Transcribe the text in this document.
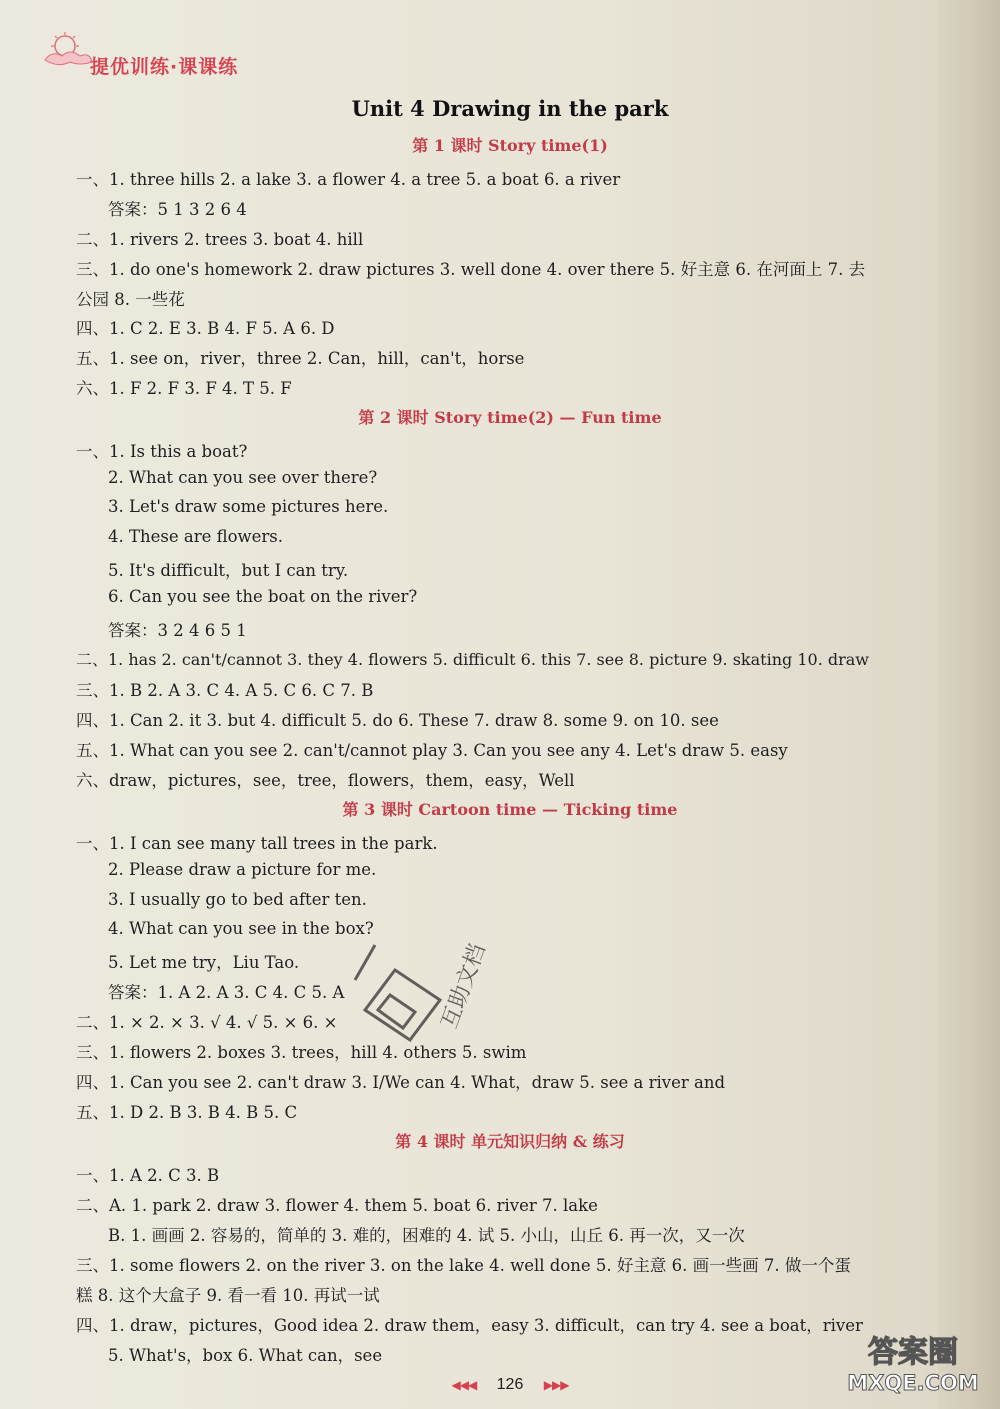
提优训练·课课练
Unit 4 Drawing in the park
第 1 课时 Story time(1)
一、1. three hills 2. a lake 3. a flower 4. a tree 5. a boat 6. a river
答案：5 1 3 2 6 4
二、1. rivers 2. trees 3. boat 4. hill
三、1. do one's homework 2. draw pictures 3. well done 4. over there 5. 好主意 6. 在河面上 7. 去
公园 8. 一些花
四、1. C 2. E 3. B 4. F 5. A 6. D
五、1. see on，river，three 2. Can，hill，can't，horse
六、1. F 2. F 3. F 4. T 5. F
第 2 课时 Story time(2) — Fun time
一、1. Is this a boat?
2. What can you see over there?
3. Let's draw some pictures here.
4. These are flowers.
5. It's difficult，but I can try.
6. Can you see the boat on the river?
答案：3 2 4 6 5 1
二、1. has 2. can't/cannot 3. they 4. flowers 5. difficult 6. this 7. see 8. picture 9. skating 10. draw
三、1. B 2. A 3. C 4. A 5. C 6. C 7. B
四、1. Can 2. it 3. but 4. difficult 5. do 6. These 7. draw 8. some 9. on 10. see
五、1. What can you see 2. can't/cannot play 3. Can you see any 4. Let's draw 5. easy
六、draw，pictures，see，tree，flowers，them，easy，Well
第 3 课时 Cartoon time — Ticking time
一、1. I can see many tall trees in the park.
2. Please draw a picture for me.
3. I usually go to bed after ten.
4. What can you see in the box?
5. Let me try，Liu Tao.
答案：1. A 2. A 3. C 4. C 5. A
二、1. × 2. × 3. √ 4. √ 5. × 6. ×
三、1. flowers 2. boxes 3. trees，hill 4. others 5. swim
四、1. Can you see 2. can't draw 3. I/We can 4. What，draw 5. see a river and
五、1. D 2. B 3. B 4. B 5. C
第 4 课时 单元知识归纳 & 练习
一、1. A 2. C 3. B
二、A. 1. park 2. draw 3. flower 4. them 5. boat 6. river 7. lake
B. 1. 画画 2. 容易的，简单的 3. 难的，困难的 4. 试 5. 小山，山丘 6. 再一次，又一次
三、1. some flowers 2. on the river 3. on the lake 4. well done 5. 好主意 6. 画一些画 7. 做一个蛋
糕 8. 这个大盒子 9. 看一看 10. 再试一试
四、1. draw，pictures，Good idea 2. draw them，easy 3. difficult，can try 4. see a boat，river
5. What's，box 6. What can，see
互助文档
◀◀◀ 126 ▶▶▶
答案圈
MXQE.COM
